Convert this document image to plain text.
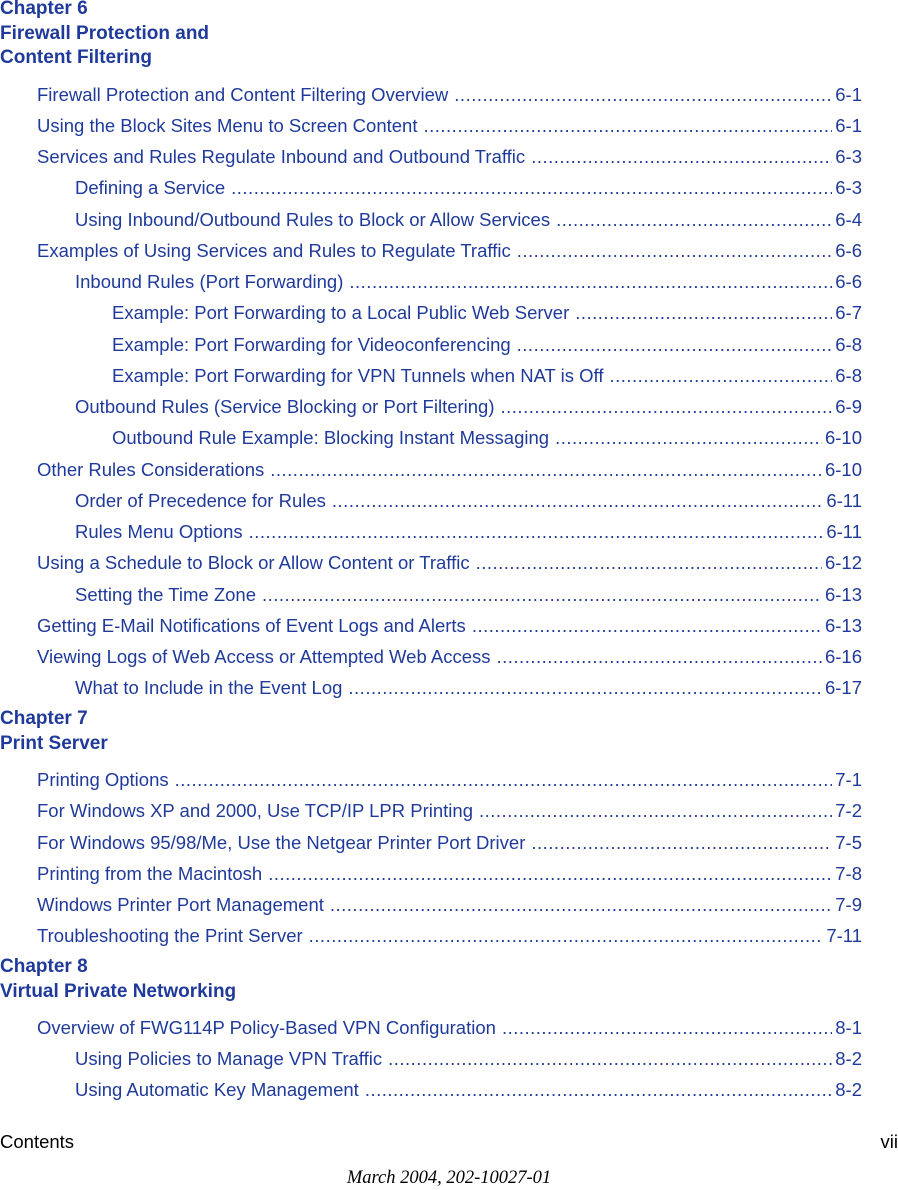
Chapter 6
Firewall Protection and
Content Filtering
Firewall Protection and Content Filtering Overview .....	6-1
Using the Block Sites Menu to Screen Content .....	6-1
Services and Rules Regulate Inbound and Outbound Traffic .....	6-3
Defining a Service .....	6-3
Using Inbound/Outbound Rules to Block or Allow Services .....	6-4
Examples of Using Services and Rules to Regulate Traffic .....	6-6
Inbound Rules (Port Forwarding) .....	6-6
Example: Port Forwarding to a Local Public Web Server .....	6-7
Example: Port Forwarding for Videoconferencing .....	6-8
Example: Port Forwarding for VPN Tunnels when NAT is Off .....	6-8
Outbound Rules (Service Blocking or Port Filtering) .....	6-9
Outbound Rule Example: Blocking Instant Messaging .....	6-10
Other Rules Considerations .....	6-10
Order of Precedence for Rules .....	6-11
Rules Menu Options .....	6-11
Using a Schedule to Block or Allow Content or Traffic .....	6-12
Setting the Time Zone .....	6-13
Getting E-Mail Notifications of Event Logs and Alerts .....	6-13
Viewing Logs of Web Access or Attempted Web Access .....	6-16
What to Include in the Event Log .....	6-17
Chapter 7
Print Server
Printing Options .....	7-1
For Windows XP and 2000, Use TCP/IP LPR Printing .....	7-2
For Windows 95/98/Me, Use the Netgear Printer Port Driver .....	7-5
Printing from the Macintosh .....	7-8
Windows Printer Port Management .....	7-9
Troubleshooting the Print Server .....	7-11
Chapter 8
Virtual Private Networking
Overview of FWG114P Policy-Based VPN Configuration .....	8-1
Using Policies to Manage VPN Traffic .....	8-2
Using Automatic Key Management .....	8-2
Contents	vii
March 2004, 202-10027-01
